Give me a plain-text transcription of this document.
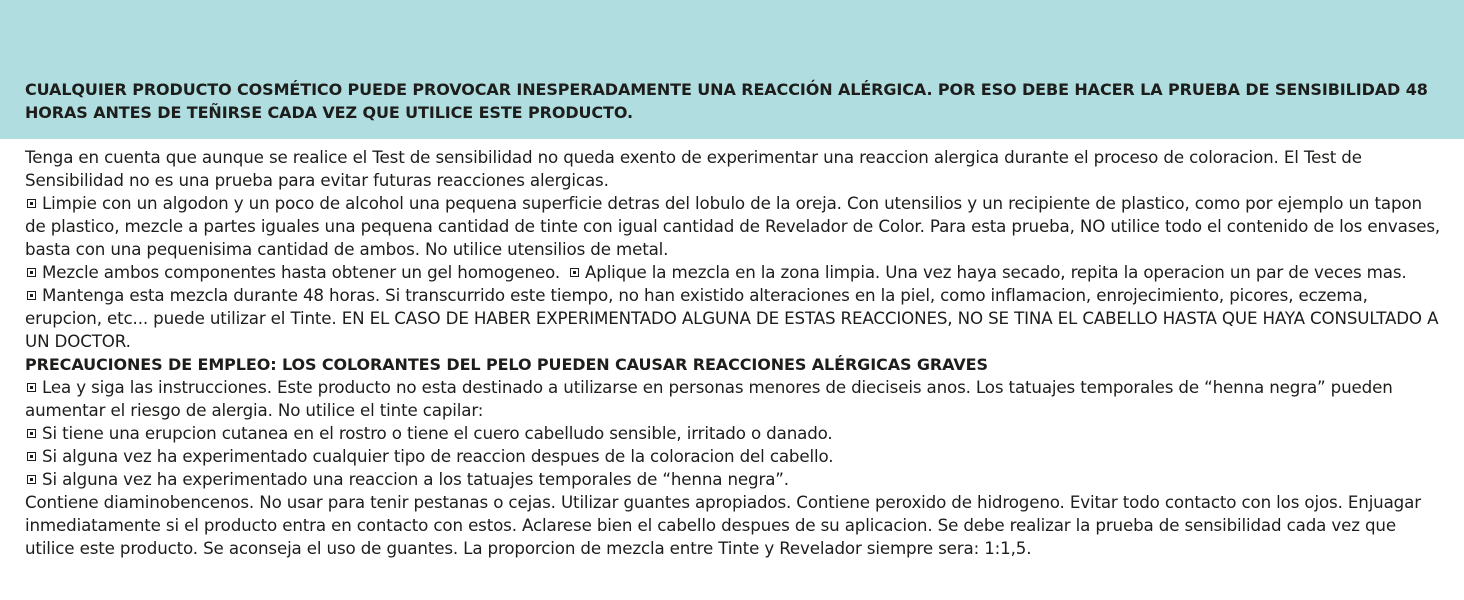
CUALQUIER PRODUCTO COSMÉTICO PUEDE PROVOCAR INESPERADAMENTE UNA REACCIÓN ALÉRGICA. POR ESO DEBE HACER LA PRUEBA DE SENSIBILIDAD 48 HORAS ANTES DE TEÑIRSE CADA VEZ QUE UTILICE ESTE PRODUCTO.

Tenga en cuenta que aunque se realice el Test de sensibilidad no queda exento de experimentar una reaccion alergica durante el proceso de coloracion. El Test de Sensibilidad no es una prueba para evitar futuras reacciones alergicas.

Limpie con un algodon y un poco de alcohol una pequena superficie detras del lobulo de la oreja. Con utensilios y un recipiente de plastico, como por ejemplo un tapon de plastico, mezcle a partes iguales una pequena cantidad de tinte con igual cantidad de Revelador de Color. Para esta prueba, NO utilice todo el contenido de los envases, basta con una pequenisima cantidad de ambos. No utilice utensilios de metal.

Mezcle ambos componentes hasta obtener un gel homogeneo. Aplique la mezcla en la zona limpia. Una vez haya secado, repita la operacion un par de veces mas.

Mantenga esta mezcla durante 48 horas. Si transcurrido este tiempo, no han existido alteraciones en la piel, como inflamacion, enrojecimiento, picores, eczema, erupcion, etc... puede utilizar el Tinte. EN EL CASO DE HABER EXPERIMENTADO ALGUNA DE ESTAS REACCIONES, NO SE TINA EL CABELLO HASTA QUE HAYA CONSULTADO A UN DOCTOR.

PRECAUCIONES DE EMPLEO: LOS COLORANTES DEL PELO PUEDEN CAUSAR REACCIONES ALÉRGICAS GRAVES

Lea y siga las instrucciones. Este producto no esta destinado a utilizarse en personas menores de dieciseis anos. Los tatuajes temporales de “henna negra” pueden aumentar el riesgo de alergia. No utilice el tinte capilar:

Si tiene una erupcion cutanea en el rostro o tiene el cuero cabelludo sensible, irritado o danado.

Si alguna vez ha experimentado cualquier tipo de reaccion despues de la coloracion del cabello.

Si alguna vez ha experimentado una reaccion a los tatuajes temporales de “henna negra”.

Contiene diaminobencenos. No usar para tenir pestanas o cejas. Utilizar guantes apropiados. Contiene peroxido de hidrogeno. Evitar todo contacto con los ojos. Enjuagar inmediatamente si el producto entra en contacto con estos. Aclarese bien el cabello despues de su aplicacion. Se debe realizar la prueba de sensibilidad cada vez que utilice este producto. Se aconseja el uso de guantes. La proporcion de mezcla entre Tinte y Revelador siempre sera: 1:1,5.
